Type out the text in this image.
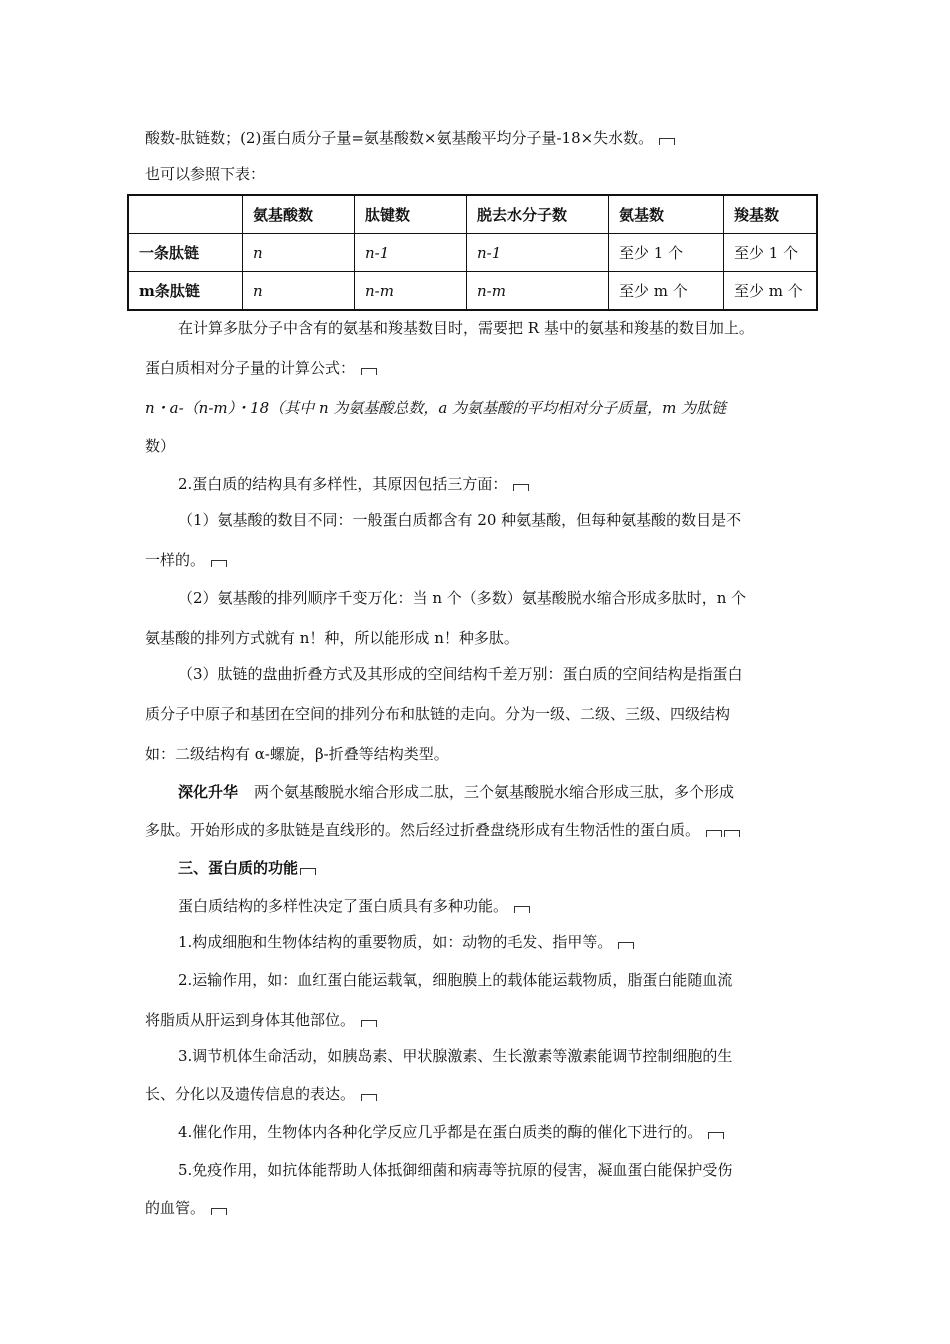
酸数-肽链数；(2)蛋白质分子量=氨基酸数×氨基酸平均分子量-18×失水数。
也可以参照下表：
	氨基酸数	肽键数	脱去水分子数	氨基数	羧基数
一条肽链	n	n-1	n-1	至少 1 个	至少 1 个
m条肽链	n	n-m	n-m	至少 m 个	至少 m 个
在计算多肽分子中含有的氨基和羧基数目时，需要把 R 基中的氨基和羧基的数目加上。
蛋白质相对分子量的计算公式：
n・a-（n-m）・18（其中 n 为氨基酸总数，a 为氨基酸的平均相对分子质量，m 为肽链
数）
2.蛋白质的结构具有多样性，其原因包括三方面：
（1）氨基酸的数目不同：一般蛋白质都含有 20 种氨基酸，但每种氨基酸的数目是不
一样的。
（2）氨基酸的排列顺序千变万化：当 n 个（多数）氨基酸脱水缩合形成多肽时，n 个
氨基酸的排列方式就有 n！种，所以能形成 n！种多肽。
（3）肽链的盘曲折叠方式及其形成的空间结构千差万别：蛋白质的空间结构是指蛋白
质分子中原子和基团在空间的排列分布和肽链的走向。分为一级、二级、三级、四级结构
如：二级结构有 α-螺旋，β-折叠等结构类型。
深化升华 两个氨基酸脱水缩合形成二肽，三个氨基酸脱水缩合形成三肽，多个形成
多肽。开始形成的多肽链是直线形的。然后经过折叠盘绕形成有生物活性的蛋白质。
三、蛋白质的功能
蛋白质结构的多样性决定了蛋白质具有多种功能。
1.构成细胞和生物体结构的重要物质，如：动物的毛发、指甲等。
2.运输作用，如：血红蛋白能运载氧，细胞膜上的载体能运载物质，脂蛋白能随血流
将脂质从肝运到身体其他部位。
3.调节机体生命活动，如胰岛素、甲状腺激素、生长激素等激素能调节控制细胞的生
长、分化以及遗传信息的表达。
4.催化作用，生物体内各种化学反应几乎都是在蛋白质类的酶的催化下进行的。
5.免疫作用，如抗体能帮助人体抵御细菌和病毒等抗原的侵害，凝血蛋白能保护受伤
的血管。
